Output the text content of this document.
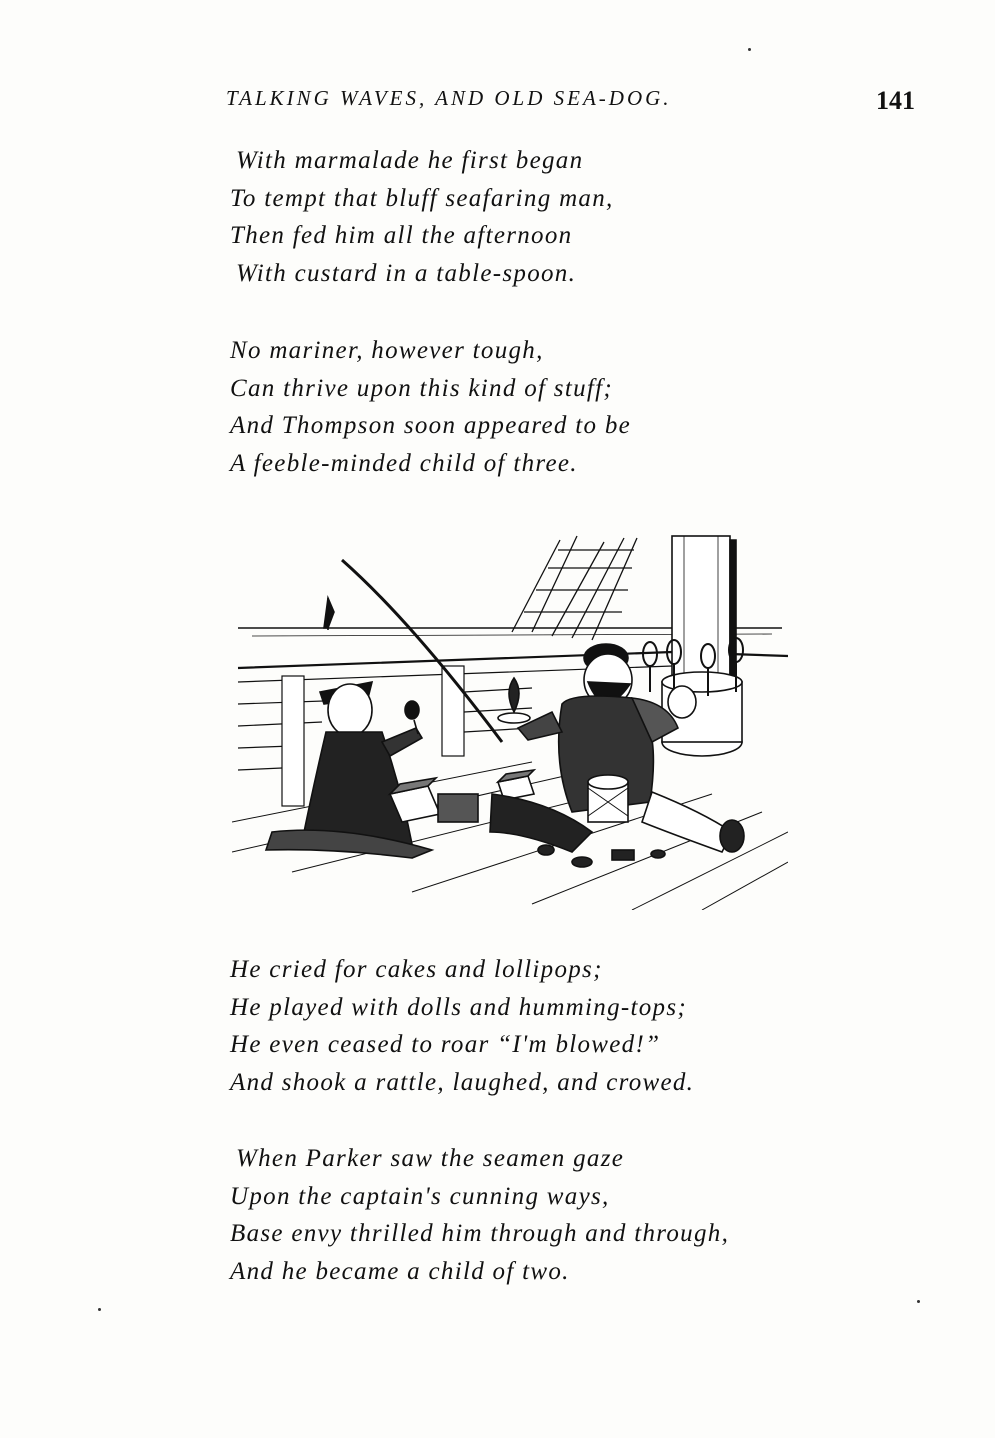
TALKING WAVES, AND OLD SEA-DOG.	141
With marmalade he first began
To tempt that bluff seafaring man,
Then fed him all the afternoon
With custard in a table-spoon.
No mariner, however tough,
Can thrive upon this kind of stuff;
And Thompson soon appeared to be
A feeble-minded child of three.
He cried for cakes and lollipops;
He played with dolls and humming-tops;
He even ceased to roar “I'm blowed!”
And shook a rattle, laughed, and crowed.
When Parker saw the seamen gaze
Upon the captain's cunning ways,
Base envy thrilled him through and through,
And he became a child of two.
